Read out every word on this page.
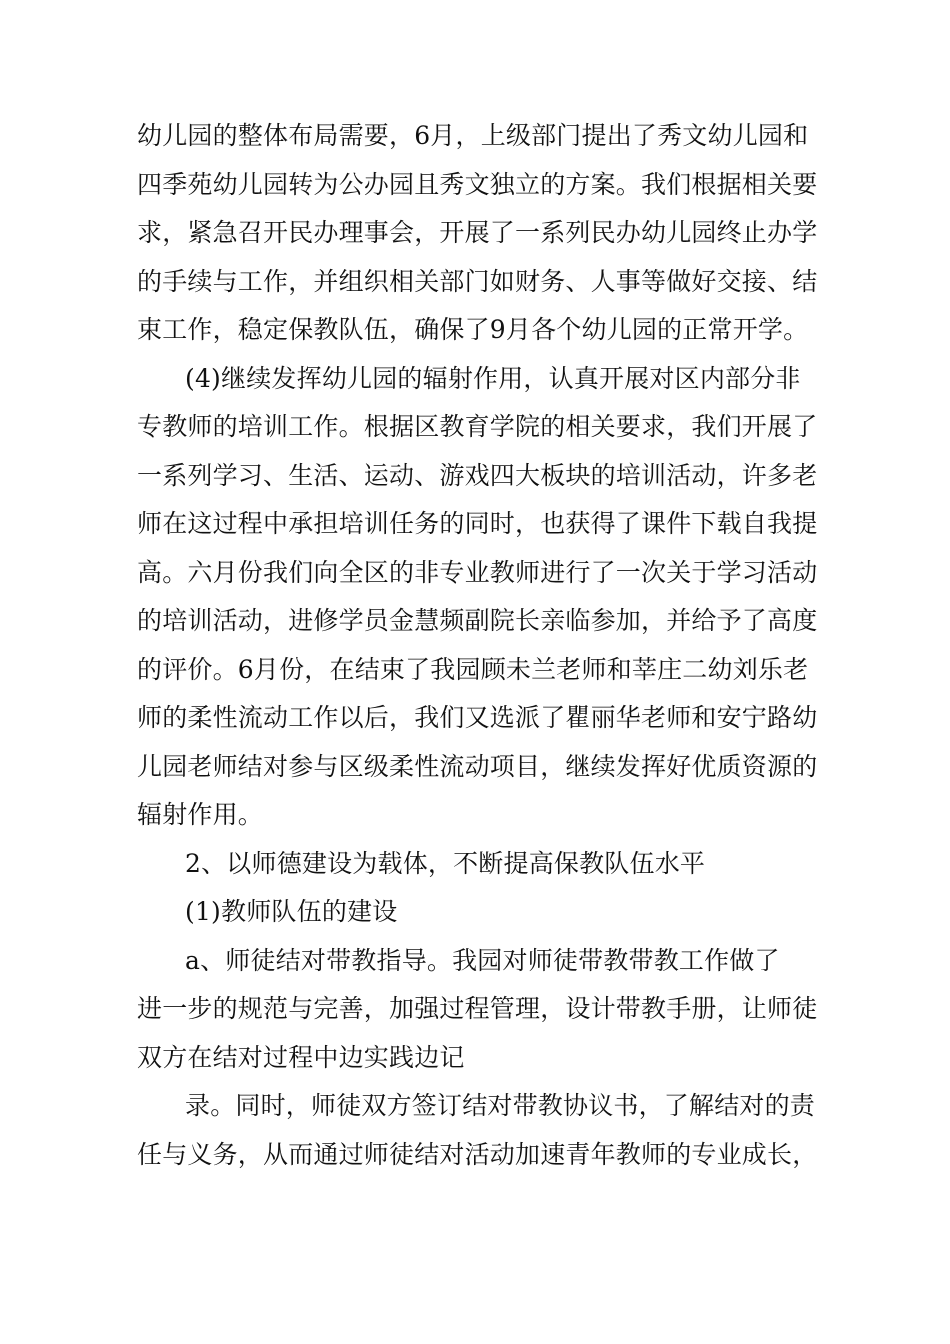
幼儿园的整体布局需要，6月，上级部门提出了秀文幼儿园和
四季苑幼儿园转为公办园且秀文独立的方案。我们根据相关要
求，紧急召开民办理事会，开展了一系列民办幼儿园终止办学
的手续与工作，并组织相关部门如财务、人事等做好交接、结
束工作，稳定保教队伍，确保了9月各个幼儿园的正常开学。
(4)继续发挥幼儿园的辐射作用，认真开展对区内部分非
专教师的培训工作。根据区教育学院的相关要求，我们开展了
一系列学习、生活、运动、游戏四大板块的培训活动，许多老
师在这过程中承担培训任务的同时，也获得了课件下载自我提
高。六月份我们向全区的非专业教师进行了一次关于学习活动
的培训活动，进修学员金慧频副院长亲临参加，并给予了高度
的评价。6月份，在结束了我园顾未兰老师和莘庄二幼刘乐老
师的柔性流动工作以后，我们又选派了瞿丽华老师和安宁路幼
儿园老师结对参与区级柔性流动项目，继续发挥好优质资源的
辐射作用。
2、以师德建设为载体，不断提高保教队伍水平
(1)教师队伍的建设
a、师徒结对带教指导。我园对师徒带教带教工作做了
进一步的规范与完善，加强过程管理，设计带教手册，让师徒
双方在结对过程中边实践边记
录。同时，师徒双方签订结对带教协议书，了解结对的责
任与义务，从而通过师徒结对活动加速青年教师的专业成长，
